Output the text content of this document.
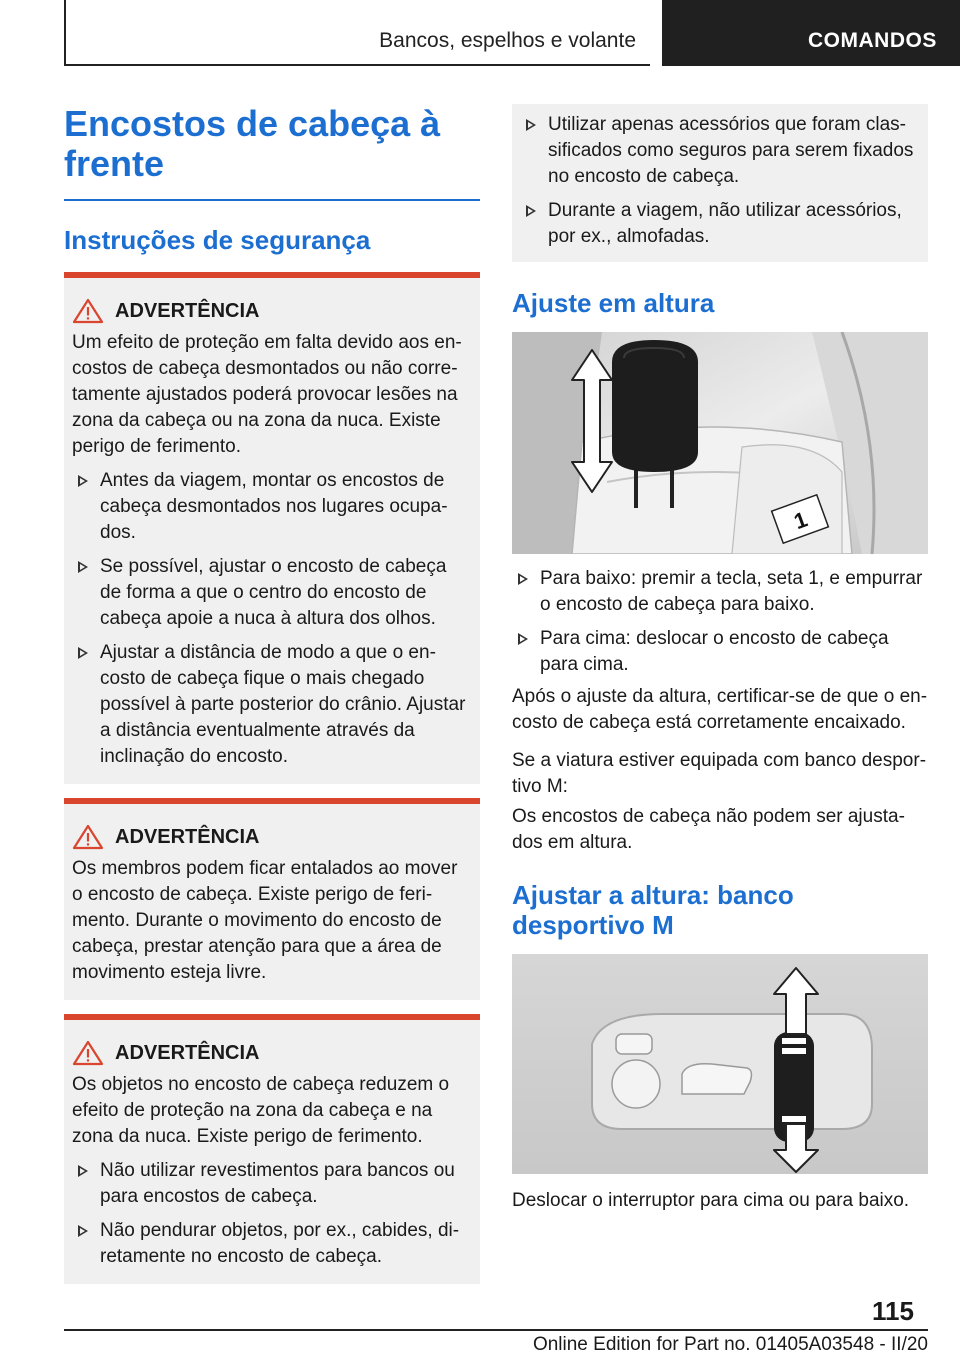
Bancos, espelhos e volante	COMANDOS
Encostos de cabeça à
frente
Instruções de segurança
ADVERTÊNCIA

Um efeito de proteção em falta devido aos encostos de cabeça desmontados ou não corretamente ajustados poderá provocar lesões na zona da cabeça ou na zona da nuca. Existe perigo de ferimento.

Antes da viagem, montar os encostos de cabeça desmontados nos lugares ocupados.
Se possível, ajustar o encosto de cabeça de forma a que o centro do encosto de cabeça apoie a nuca à altura dos olhos.
Ajustar a distância de modo a que o encosto de cabeça fique o mais chegado possível à parte posterior do crânio. Ajustar a distância eventualmente através da inclinação do encosto.
ADVERTÊNCIA

Os membros podem ficar entalados ao mover o encosto de cabeça. Existe perigo de ferimento. Durante o movimento do encosto de cabeça, prestar atenção para que a área de movimento esteja livre.

ADVERTÊNCIA

Os objetos no encosto de cabeça reduzem o efeito de proteção na zona da cabeça e na zona da nuca. Existe perigo de ferimento.

Não utilizar revestimentos para bancos ou para encostos de cabeça.
Não pendurar objetos, por ex., cabides, diretamente no encosto de cabeça.
Utilizar apenas acessórios que foram classificados como seguros para serem fixados no encosto de cabeça.
Durante a viagem, não utilizar acessórios, por ex., almofadas.
Ajuste em altura
1
Para baixo: premir a tecla, seta 1, e empurrar o encosto de cabeça para baixo.
Para cima: deslocar o encosto de cabeça para cima.

Após o ajuste da altura, certificar-se de que o encosto de cabeça está corretamente encaixado.

Se a viatura estiver equipada com banco desportivo M:

Os encostos de cabeça não podem ser ajustados em altura.

Ajustar a altura: banco
desportivo M

Deslocar o interruptor para cima ou para baixo.

115
Online Edition for Part no. 01405A03548 - II/20
